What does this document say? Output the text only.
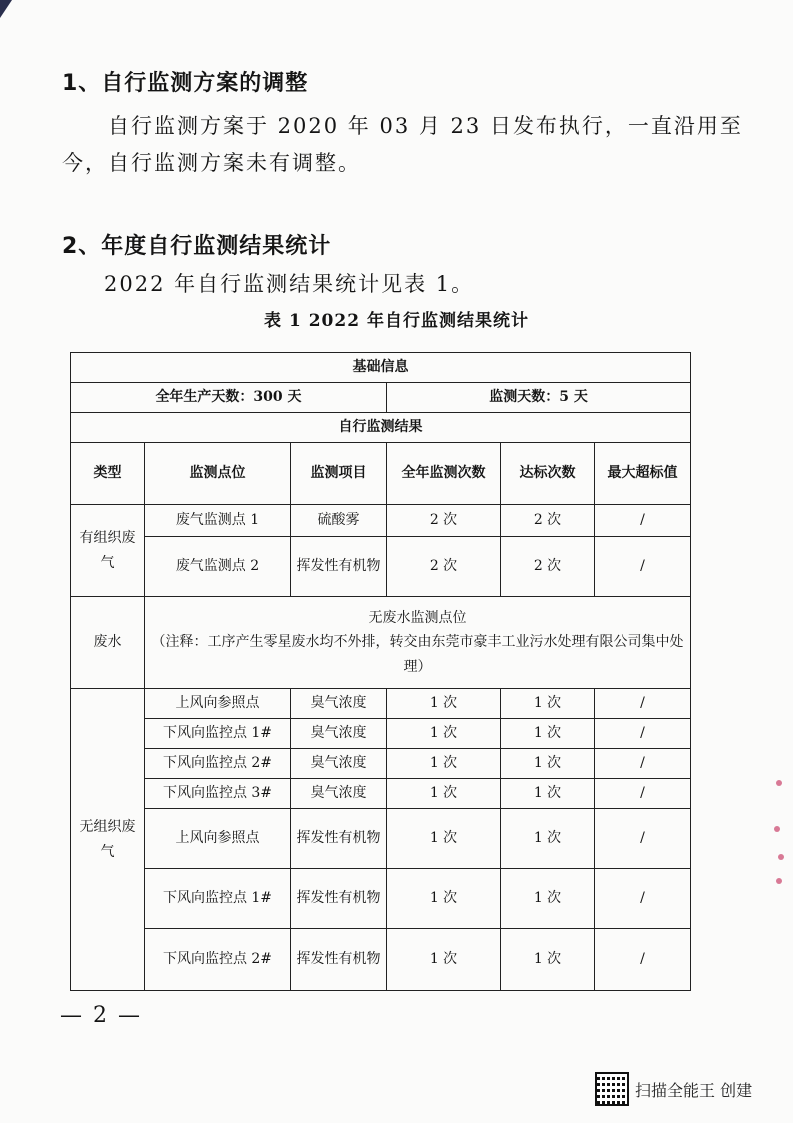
1、自行监测方案的调整
自行监测方案于 2020 年 03 月 23 日发布执行，一直沿用至
今，自行监测方案未有调整。
2、年度自行监测结果统计
2022 年自行监测结果统计见表 1。
表 1 2022 年自行监测结果统计
基础信息					
全年生产天数：300 天			监测天数：5 天		
自行监测结果					
类型	监测点位	监测项目	全年监测次数	达标次数	最大超标值
有组织废气	废气监测点 1	硫酸雾	2 次	2 次	/
	废气监测点 2	挥发性有机物	2 次	2 次	/
废水	无废水监测点位
（注释：工序产生零星废水均不外排，转交由东莞市豪丰工业污水处理有限公司集中处理）				

无组织废气	上风向参照点	臭气浓度	1 次	1 次	/
	下风向监控点 1#	臭气浓度	1 次	1 次	/
	下风向监控点 2#	臭气浓度	1 次	1 次	/
	下风向监控点 3#	臭气浓度	1 次	1 次	/
	上风向参照点	挥发性有机物	1 次	1 次	/
	下风向监控点 1#	挥发性有机物	1 次	1 次	/
	下风向监控点 2#	挥发性有机物	1 次	1 次	/
— 2 —
扫描全能王 创建
